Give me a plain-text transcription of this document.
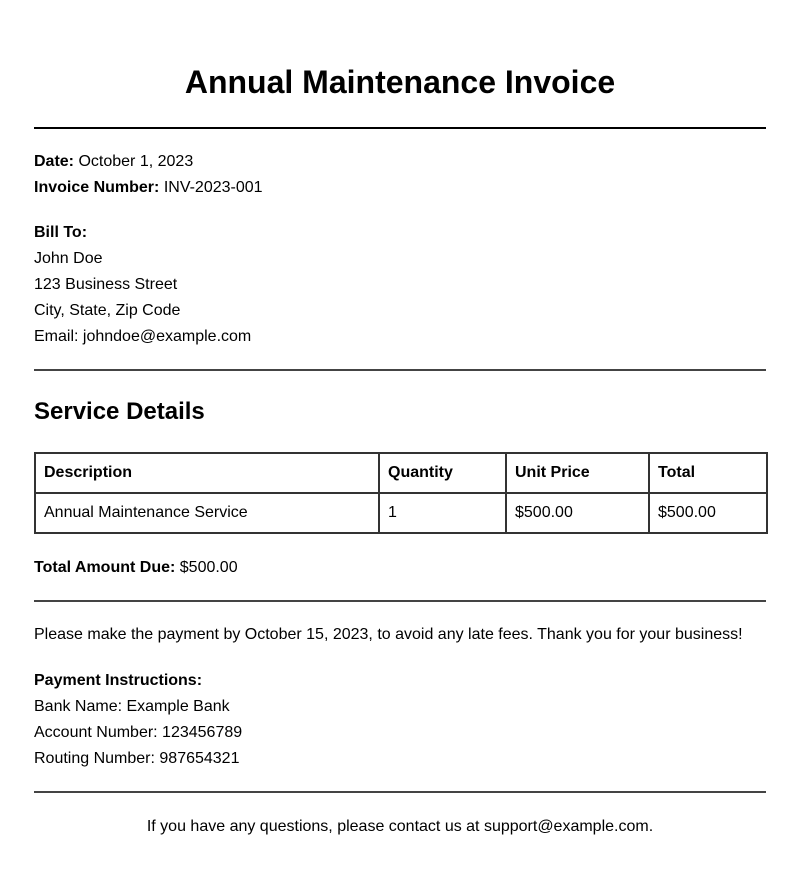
Annual Maintenance Invoice
Date: October 1, 2023
Invoice Number: INV-2023-001
Bill To:
John Doe
123 Business Street
City, State, Zip Code
Email: johndoe@example.com
Service Details
Description	Quantity	Unit Price	Total
Annual Maintenance Service	1	$500.00	$500.00
Total Amount Due: $500.00
Please make the payment by October 15, 2023, to avoid any late fees. Thank you for your business!
Payment Instructions:
Bank Name: Example Bank
Account Number: 123456789
Routing Number: 987654321
If you have any questions, please contact us at support@example.com.
